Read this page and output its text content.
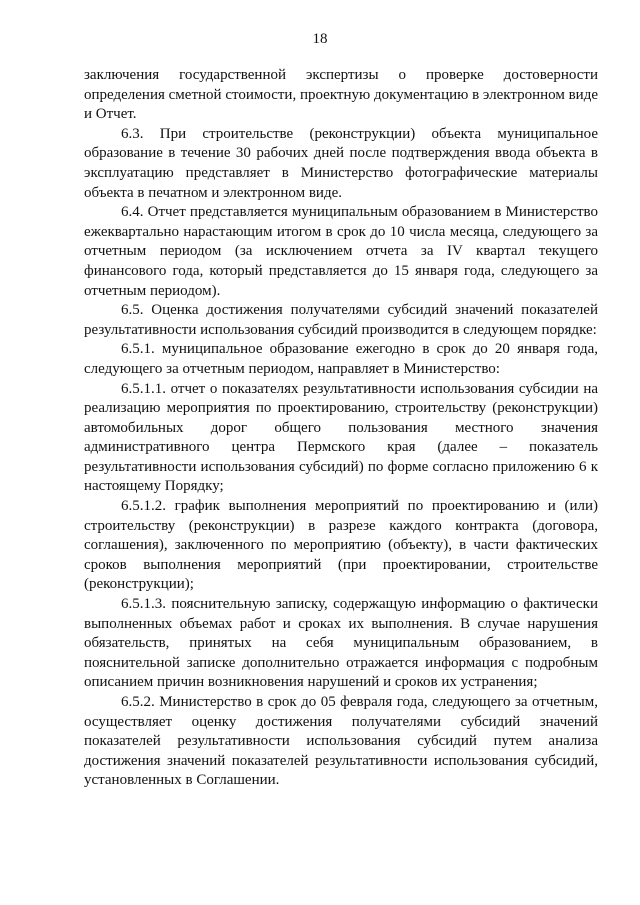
18

заключения государственной экспертизы о проверке достоверности определения сметной стоимости, проектную документацию в электронном виде и Отчет.

6.3. При строительстве (реконструкции) объекта муниципальное образование в течение 30 рабочих дней после подтверждения ввода объекта в эксплуатацию представляет в Министерство фотографические материалы объекта в печатном и электронном виде.

6.4. Отчет представляется муниципальным образованием в Министерство ежеквартально нарастающим итогом в срок до 10 числа месяца, следующего за отчетным периодом (за исключением отчета за IV квартал текущего финансового года, который представляется до 15 января года, следующего за отчетным периодом).

6.5. Оценка достижения получателями субсидий значений показателей результативности использования субсидий производится в следующем порядке:

6.5.1. муниципальное образование ежегодно в срок до 20 января года, следующего за отчетным периодом, направляет в Министерство:

6.5.1.1. отчет о показателях результативности использования субсидии на реализацию мероприятия по проектированию, строительству (реконструкции) автомобильных дорог общего пользования местного значения административного центра Пермского края (далее – показатель результативности использования субсидий) по форме согласно приложению 6 к настоящему Порядку;

6.5.1.2. график выполнения мероприятий по проектированию и (или) строительству (реконструкции) в разрезе каждого контракта (договора, соглашения), заключенного по мероприятию (объекту), в части фактических сроков выполнения мероприятий (при проектировании, строительстве (реконструкции);

6.5.1.3. пояснительную записку, содержащую информацию о фактически выполненных объемах работ и сроках их выполнения. В случае нарушения обязательств, принятых на себя муниципальным образованием, в пояснительной записке дополнительно отражается информация с подробным описанием причин возникновения нарушений и сроков их устранения;

6.5.2. Министерство в срок до 05 февраля года, следующего за отчетным, осуществляет оценку достижения получателями субсидий значений показателей результативности использования субсидий путем анализа достижения значений показателей результативности использования субсидий, установленных в Соглашении.
